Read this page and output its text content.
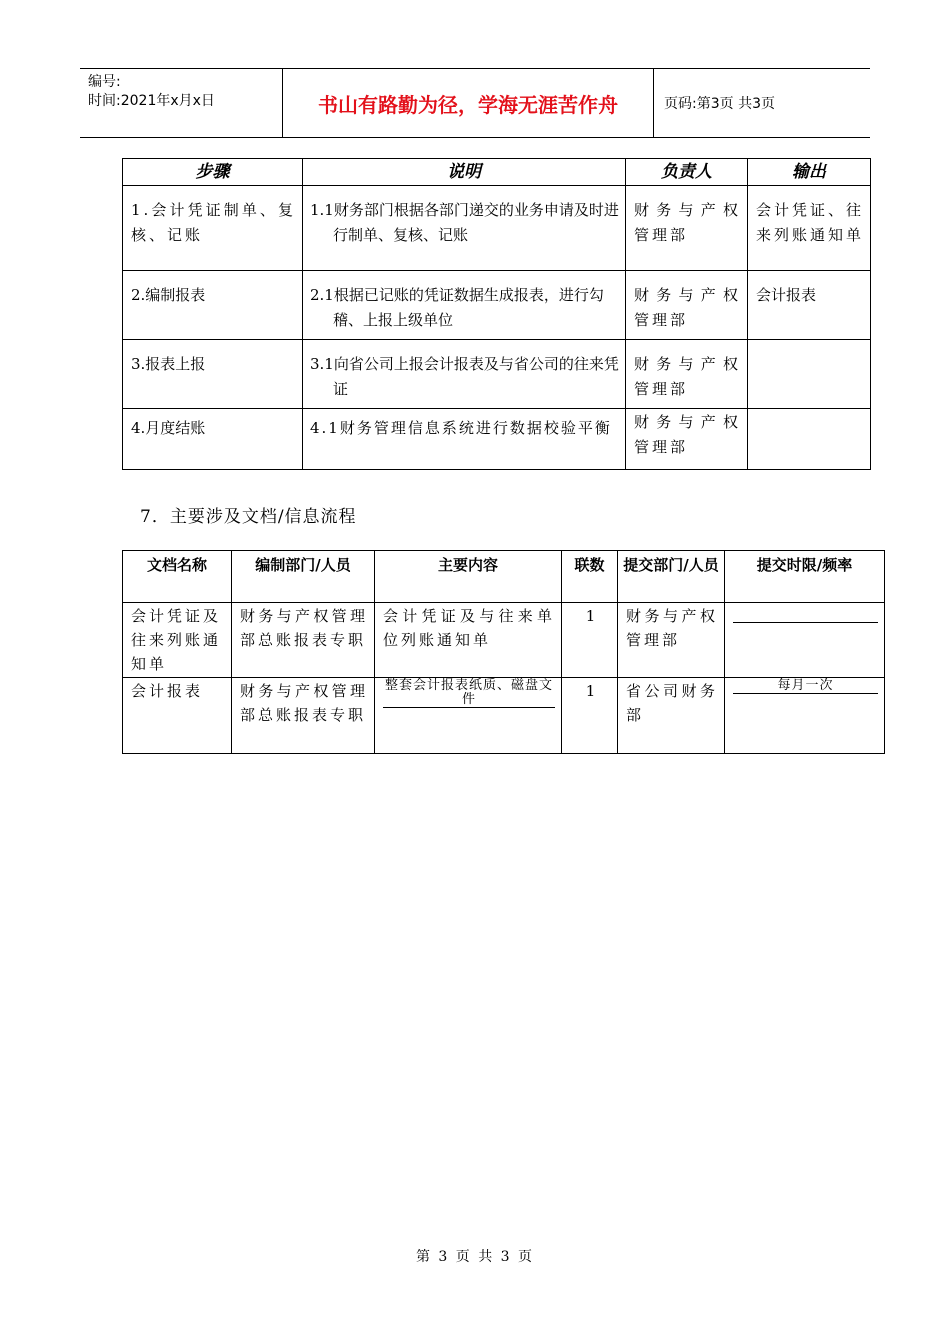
编号:
时间:2021年x月x日	书山有路勤为径，学海无涯苦作舟	页码:第3页 共3页
步骤	说明	负责人	输出
1.会计凭证制单、复核、记账	1.1财务部门根据各部门递交的业务申请及时进行制单、复核、记账	财务与产权管理部	会计凭证、往来列账通知单
2.编制报表	2.1根据已记账的凭证数据生成报表，进行勾稽、上报上级单位	财务与产权管理部	会计报表
3.报表上报	3.1向省公司上报会计报表及与省公司的往来凭证	财务与产权管理部	
4.月度结账	4.1财务管理信息系统进行数据校验平衡	财务与产权管理部	
7．主要涉及文档/信息流程
文档名称	编制部门/人员	主要内容	联数	提交部门/人员	提交时限/频率
会计凭证及往来列账通知单	财务与产权管理部总账报表专职	会计凭证及与往来单位列账通知单	1	财务与产权管理部	

会计报表	财务与产权管理部总账报表专职	整套会计报表纸质、磁盘文件	1	省公司财务部	每月一次
第 3 页 共 3 页
